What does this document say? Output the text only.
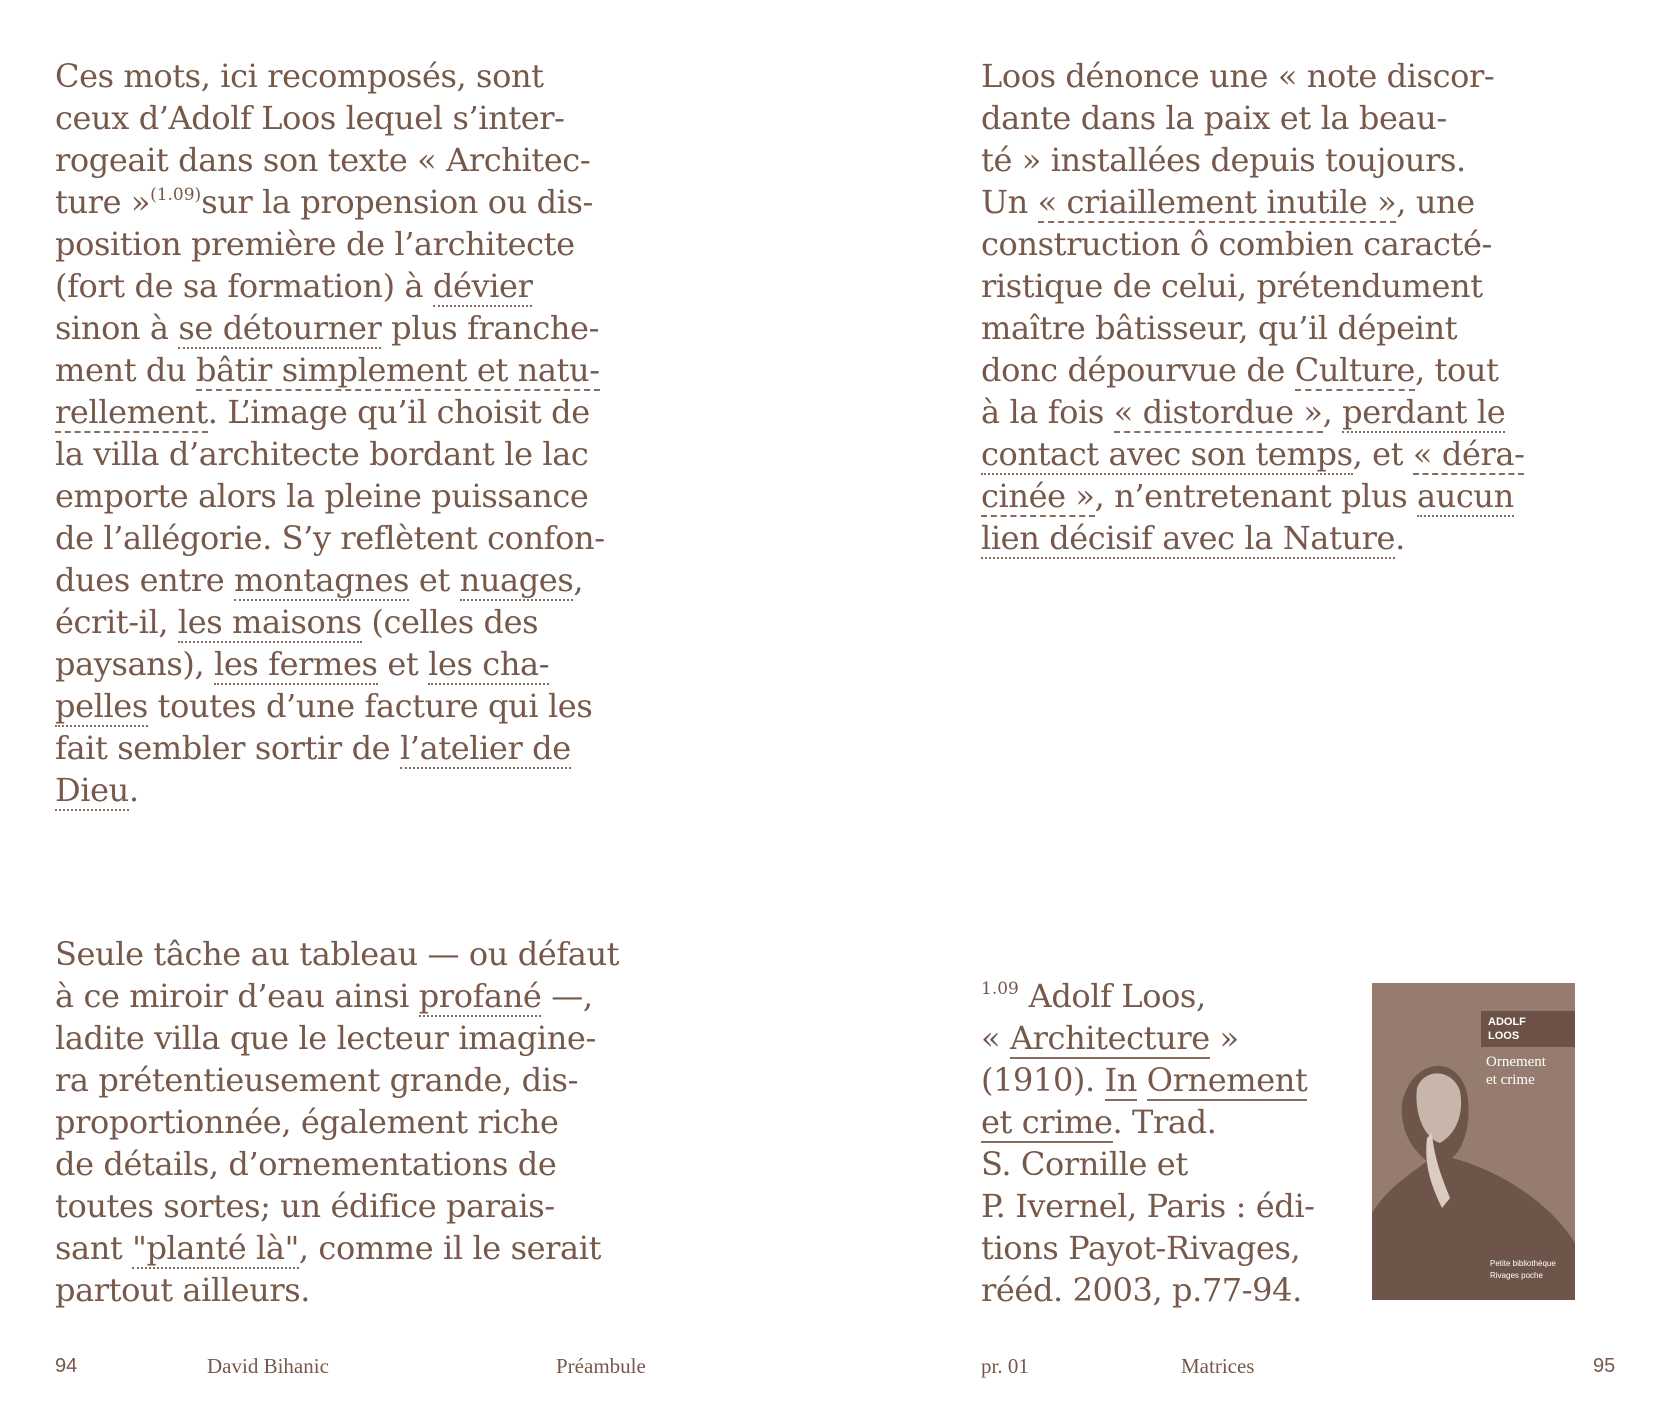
Ces mots, ici recomposés, sont
ceux d’Adolf Loos lequel s’inter-
rogeait dans son texte « Architec-
ture »$^{(1.09)}$sur la propension ou dis-
position première de l’architecte
(fort de sa formation) à dévier
sinon à se détourner plus franche-
ment du bâtir simplement et natu-
rellement. L’image qu’il choisit de
la villa d’architecte bordant le lac
emporte alors la pleine puissance
de l’allégorie. S’y reflètent confon-
dues entre montagnes et nuages,
écrit-il, les maisons (celles des
paysans), les fermes et les cha-
pelles toutes d’une facture qui les
fait sembler sortir de l’atelier de
Dieu.
Seule tâche au tableau — ou défaut
à ce miroir d’eau ainsi profané —,
ladite villa que le lecteur imagine-
ra prétentieusement grande, dis-
proportionnée, également riche
de détails, d’ornementations de
toutes sortes; un édifice parais-
sant "planté là", comme il le serait
partout ailleurs.
94	David Bihanic	Préambule
Loos dénonce une « note discor-
dante dans la paix et la beau-
té » installées depuis toujours.
Un « criaillement inutile », une
construction ô combien caracté-
ristique de celui, prétendument
maître bâtisseur, qu’il dépeint
donc dépourvue de Culture, tout
à la fois « distordue », perdant le
contact avec son temps, et « déra-
cinée », n’entretenant plus aucun
lien décisif avec la Nature.
$^{1.09}$ Adolf Loos,
« Architecture »
(1910). In Ornement
et crime. Trad.
S. Cornille et
P. Ivernel, Paris : édi-
tions Payot-Rivages,
rééd. 2003, p.77-94.
pr. 01	Matrices	95
ADOLF
LOOS
Ornement
et crime
Petite bibliothèque
Rivages poche
